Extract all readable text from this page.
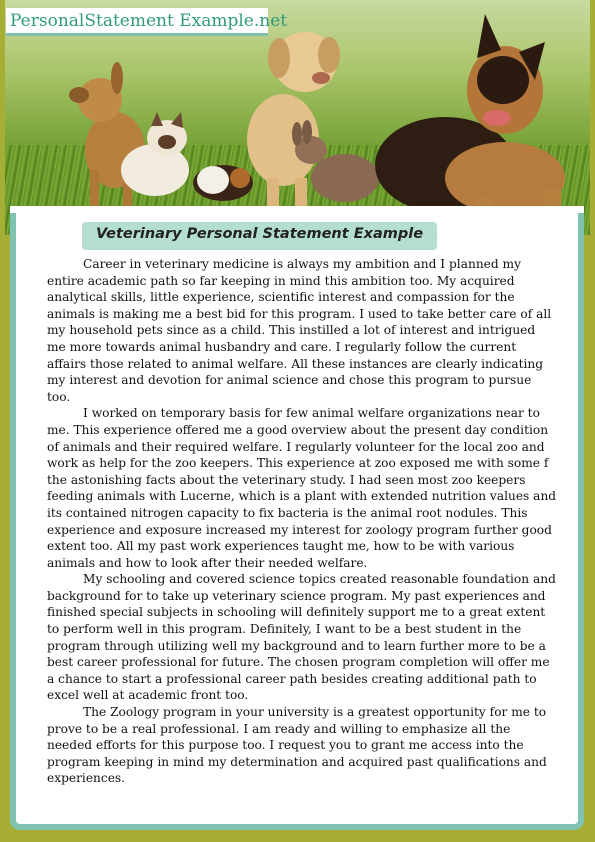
PersonalStatement Example.net
Veterinary Personal Statement Example

Career in veterinary medicine is always my ambition and I planned my entire academic path so far keeping in mind this ambition too. My acquired analytical skills, little experience, scientific interest and compassion for the animals is making me a best bid for this program. I used to take better care of all my household pets since as a child. This instilled a lot of interest and intrigued me more towards animal husbandry and care. I regularly follow the current affairs those related to animal welfare. All these instances are clearly indicating my interest and devotion for animal science and chose this program to pursue too.

I worked on temporary basis for few animal welfare organizations near to me. This experience offered me a good overview about the present day condition of animals and their required welfare. I regularly volunteer for the local zoo and work as help for the zoo keepers. This experience at zoo exposed me with some f the astonishing facts about the veterinary study. I had seen most zoo keepers feeding animals with Lucerne, which is a plant with extended nutrition values and its contained nitrogen capacity to fix bacteria is the animal root nodules. This experience and exposure increased my interest for zoology program further good extent too. All my past work experiences taught me, how to be with various animals and how to look after their needed welfare.

My schooling and covered science topics created reasonable foundation and background for to take up veterinary science program. My past experiences and finished special subjects in schooling will definitely support me to a great extent to perform well in this program. Definitely, I want to be a best student in the program through utilizing well my background and to learn further more to be a best career professional for future. The chosen program completion will offer me a chance to start a professional career path besides creating additional path to excel well at academic front too.

The Zoology program in your university is a greatest opportunity for me to prove to be a real professional. I am ready and willing to emphasize all the needed efforts for this purpose too. I request you to grant me access into the program keeping in mind my determination and acquired past qualifications and experiences.
